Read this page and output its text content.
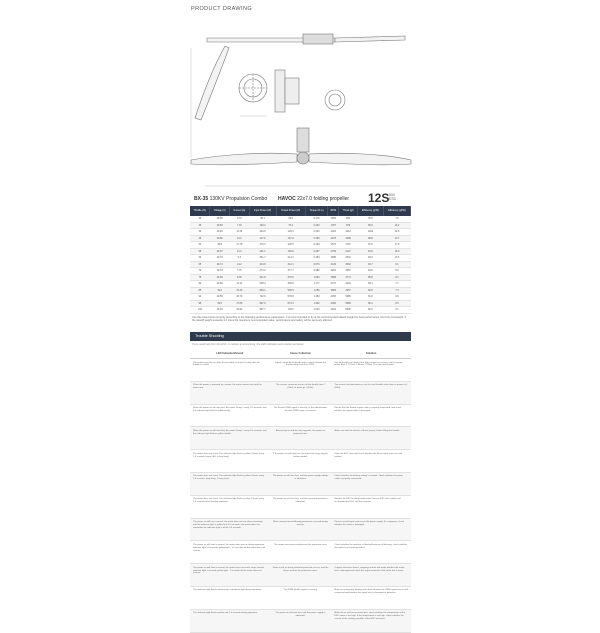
PRODUCT DRAWING
BX-35 130KV Propulsion Combo HAVOC 22x7.0 folding propeller 12S 50V
ESC
Throttle (%)	Voltage (V)	Current (A)	Input Power (W)	Output Power (W)	Torque (N.m)	RPM	Thrust (gf)	Efficiency (g/W)	Efficiency (gf/W)
30	49.85	3.73	96.1	26.0	0.170	1450	820	78.6	7.6
35	49.83	7.15	139.2	75.2	0.290	1787	879	80.6	10.2
40	49.81	11.15	204.9	126.0	0.320	2023	1012	1044	12.6
45	49.80	12.2	117.9	167.9	0.369	2278	1289	96.8	10.7
50	49.8	17.78	176.2	128.5	0.434	2573	1767	97.6	17.8
55	49.87	21.2	261.1	169.9	0.497	2799	2127	84.9	18.0
60	49.79	5.3	331.7	214.2	0.469	2995	2542	84.9	13.6
65	49.72	14.2	213.8	312.1	0.670	3145	3062	84.7	9.1
70	49.73	7.75	374.2	377.7	0.982	3291	3357	84.8	8.9
75	49.69	9.38	441.8	379.5	1.084	3688	3774	85.8	8.2
80	49.69	11.11	548.4	448.9	1.177	3770	4194	83.1	7.7
85	49.6	15.25	639.1	535.9	1.256	3983	4657	82.8	7.3
90	49.55	15.79	742.6	578.8	1.363	4155	5085	81.8	6.8
95	49.5	17.85	867.6	673.3	1.382	4382	5589	80.4	6.5
100	49.49	19.94	987.7	728.0	1.610	4402	5990	82.2	6.1
Use the power level correctly according to the following performance parameters. It is recommended to fly at the recommended takeoff weight for best performance. Don't fly overweight. If the takeoff weight exceeds 1.2 times the maximum recommended value, performance and safety will be seriously affected.
Trouble Shooting
If you need help from the ESC, to reduce a unresolving, the LED indication and solution as below:
LED Indication/Sound	Cause Collection	Solution
The motor beep can run after the provided, instead, but only after the throttle is raised.	Signal cannot be received correct output whether the throttle value over than 110%.	Set the throttle start limit of the flight control or receiver, and its turning power than 1 T (Peak 1 /Motor 1 /Other 1) or personal throttle.
When the power is powered on, remote, the motor cannot start and the motor runs.	The contact connector test in not the throttle tone 7 (Pilot), or more up 1 (Pilot).	The normal received motor so set the start throttle value from its power to 5 (Pilot).
When the power on will start fast, the motor "beeps" every 1.0 seconds, and the indicator light flashes yellow briefly.	The throttle PWM signal is missing, or the identification, the data PWM range is incorrect.	Ensure that the throttle signal cable is properly connected, and check whether the signal cable is damaged.
When the power on will start fast, the motor "beeps" every 0.6 seconds, and the indicator light flashes yellow double.	Battery high in and the slap upgrade, low power on protection loss.	Make sure that the electric cell was proper, before lifting the throttle.
The motor does not count. The indicator light flashes yellow 3 times every 1.0 seconds (more LED x short long).	If the power on will start fast, the motor has long, may be below needed.	Open the ESC rotor and check whether the three-motor wires are well welded.
The motor does not count. The indicator light flashes yellow 4 times every 1.0 seconds, long beep, 1 long sheet.	The power on will start fast, and the power supply voltage is abnormal.	Check whether the battery voltage is normal. Check whether the power cable is properly connected.
The motor does not count. The indicator light flashes yellow 5 times every 1.0 seconds after flashing moderate.	The power on will start fast, and the external lamination is abnormal.	Restore the ESC flashing model value. Ensure ESC after stable and acclimation the ESC and the program.
The power on will run a normal, the motor does not run when remaining, and the indicator light is yellow four 5.0 seconds - the motor does not remember the indicator light is off for 3.0 seconds.	Motor startup forced following protection occurred during start-up.	Push-in turnoff again and restart the power supply. If it reappears, check whether the motor is damaged.
The power on will start in normal, the motor does not run during operation, indicator light 5.0 seconds yellow light - 1.0 seconds off the motor does not recover.	The motor overcurrent and prevent the protection runs.	Check whether the machine is blocked because of blessing, check whether the motor is not working locked.
The power on will start in normal, the motor loses out and it stops instead, indicator light 1 seconds yellow light - 1 seconds off the motor does not recover.	Short-circuit or during overload protection occurs, and the drives restarts the production ones.	Original electronic device, stoppings tunnel and make whether the motor line is damaged and check the output terminal of the motor line is burnt.
The indicator light flashes alternately, sometimes light during operation.	The PWM throttle signal is missing.	Make an emergency landing and check whether the PWM signal wire is well connected and whether the signal wire is damaged or defective.
The indicator light flashes yellow red 1.0 seconds during operation.	The power on will start fast, and the power supply is abnormal.	Make the as well as an arrival part, check whether the temperature of the ESC motor is too high. If the temperature is not high, check whether the current of the cooling propeller of the ESC too lower.
